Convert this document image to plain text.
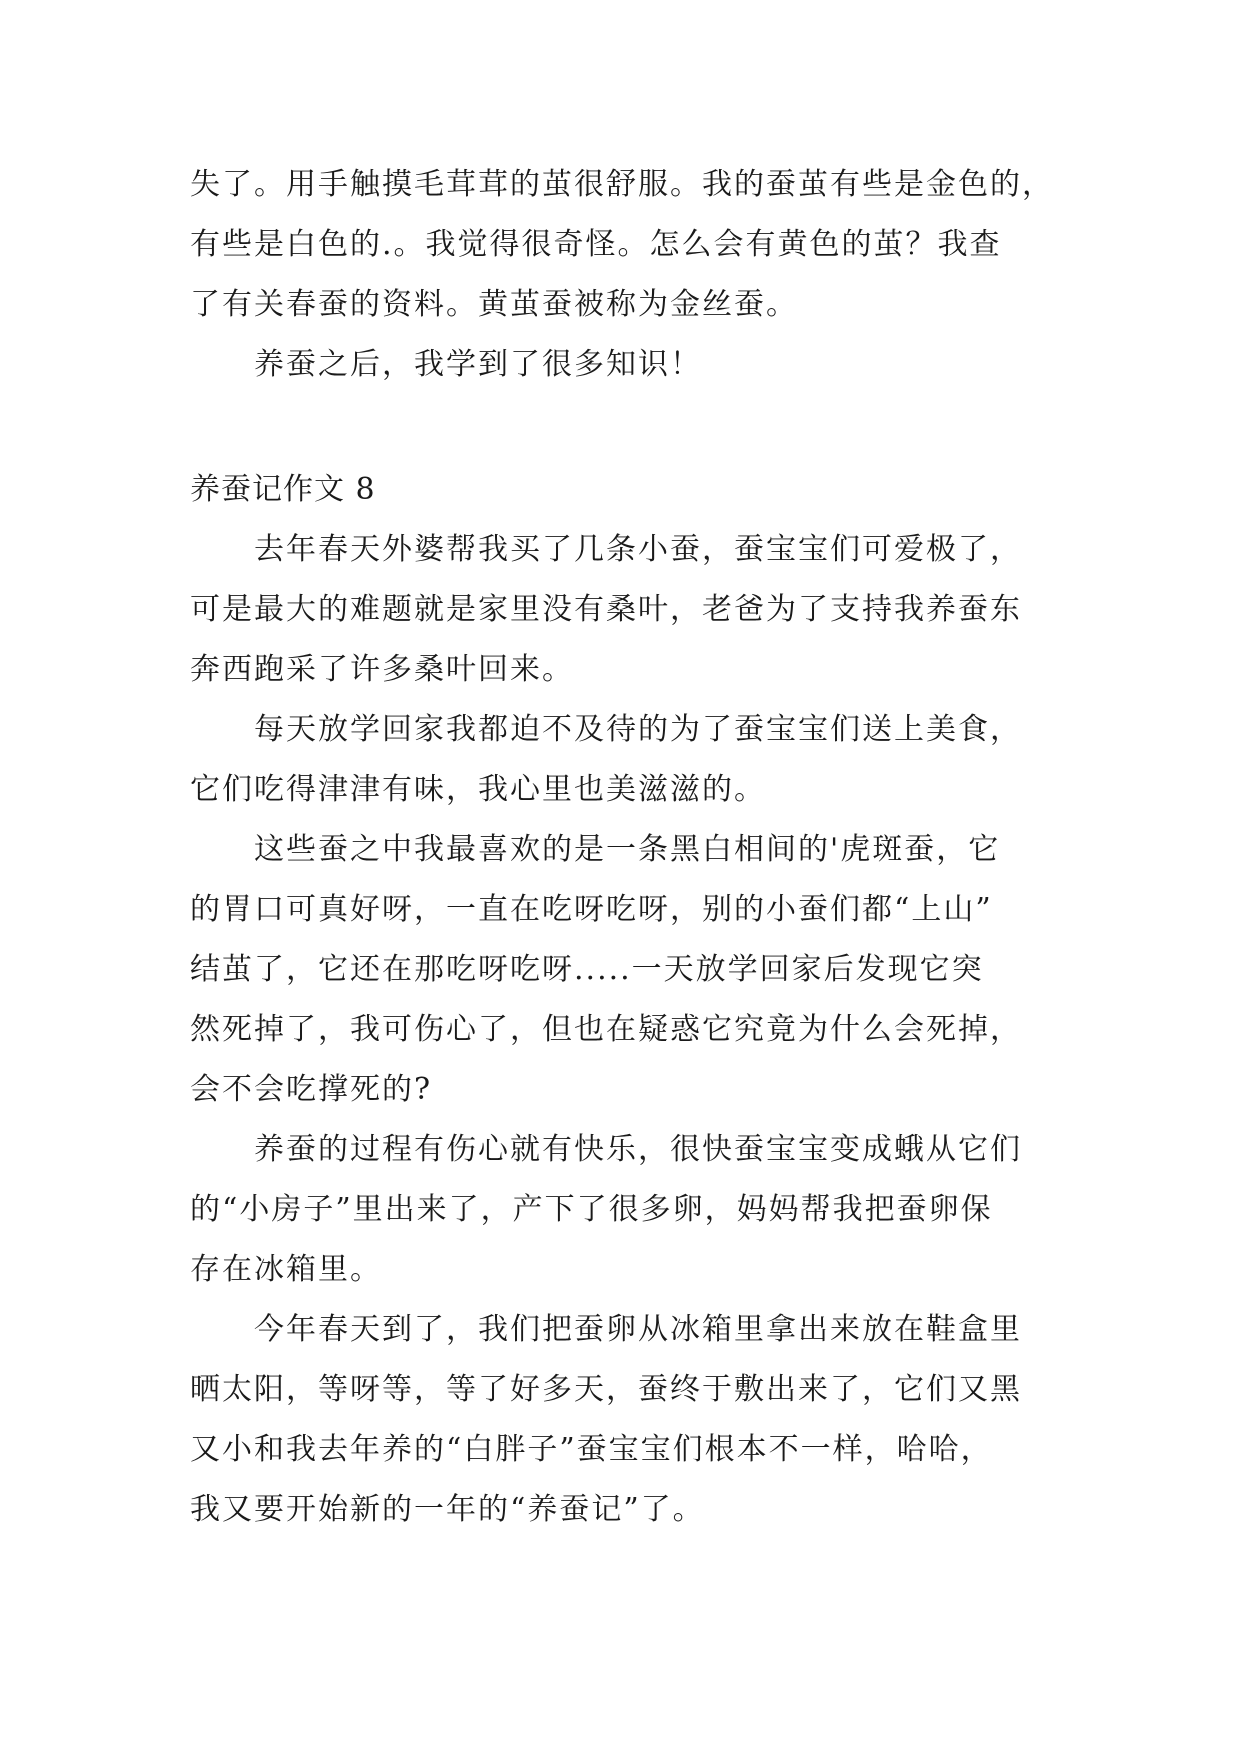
失了。用手触摸毛茸茸的茧很舒服。我的蚕茧有些是金色的，
有些是白色的.。我觉得很奇怪。怎么会有黄色的茧？我查
了有关春蚕的资料。黄茧蚕被称为金丝蚕。
养蚕之后，我学到了很多知识！
养蚕记作文 8
去年春天外婆帮我买了几条小蚕，蚕宝宝们可爱极了，
可是最大的难题就是家里没有桑叶，老爸为了支持我养蚕东
奔西跑采了许多桑叶回来。
每天放学回家我都迫不及待的为了蚕宝宝们送上美食，
它们吃得津津有味，我心里也美滋滋的。
这些蚕之中我最喜欢的是一条黑白相间的'虎斑蚕，它
的胃口可真好呀，一直在吃呀吃呀，别的小蚕们都“上山”
结茧了，它还在那吃呀吃呀.....一天放学回家后发现它突
然死掉了，我可伤心了，但也在疑惑它究竟为什么会死掉，
会不会吃撑死的?
养蚕的过程有伤心就有快乐，很快蚕宝宝变成蛾从它们
的“小房子”里出来了，产下了很多卵，妈妈帮我把蚕卵保
存在冰箱里。
今年春天到了，我们把蚕卵从冰箱里拿出来放在鞋盒里
晒太阳，等呀等，等了好多天，蚕终于敷出来了，它们又黑
又小和我去年养的“白胖子”蚕宝宝们根本不一样，哈哈，
我又要开始新的一年的“养蚕记”了。
